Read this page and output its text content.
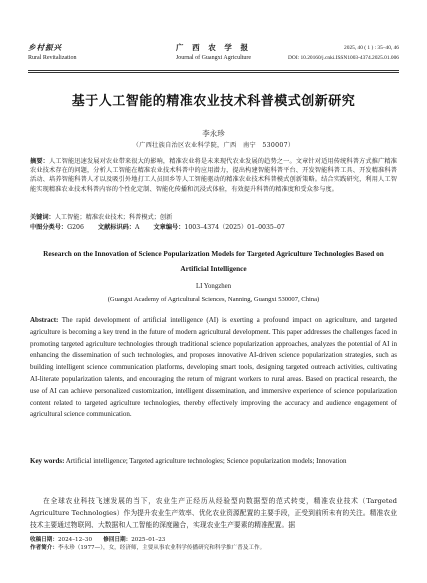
乡村振兴
Rural Revitalization
广 西 农 学 报
Journal of Guangxi Agriculture
2025, 40 ( 1 ) : 35–40, 46
DOI: 10.20160/j.cnki.ISSN1003-4374.2025.01.006
基于人工智能的精准农业技术科普模式创新研究
李永珍
（广西壮族自治区农业科学院，广西　南宁　530007）
摘要：人工智能迅速发展对农业带来很大的影响，精准农业将是未来现代农业发展的趋势之一。文章针对适用传统科普方式推广精准农业技术存在的问题，分析人工智能在精准农业技术科普中的应用潜力，提出构建智能科普平台、开发智能科普工具、开发精准科普活动、培养智能科普人才以及吸引外地打工人员回乡等人工智能驱动的精准农业技术科普模式创新策略。结合实践研究，利用人工智能实现精准农业技术科普内容的个性化定制、智能化传播和沉浸式体验，有效提升科普的精准度和受众参与度。
关键词：人工智能；精准农业技术；科普模式；创新
中图分类号：G206 文献标识码：A 文章编号：1003–4374（2025）01–0035–07
Research on the Innovation of Science Popularization Models for Targeted Agriculture Technologies Based on Artificial Intelligence
LI Yongzhen
(Guangxi Academy of Agricultural Sciences, Nanning, Guangxi 530007, China)
Abstract: The rapid development of artificial intelligence (AI) is exerting a profound impact on agriculture, and targeted agriculture is becoming a key trend in the future of modern agricultural development. This paper addresses the challenges faced in promoting targeted agriculture technologies through traditional science popularization approaches, analyzes the potential of AI in enhancing the dissemination of such technologies, and proposes innovative AI-driven science popularization strategies, such as building intelligent science communication platforms, developing smart tools, designing targeted outreach activities, cultivating AI-literate popularization talents, and encouraging the return of migrant workers to rural areas. Based on practical research, the use of AI can achieve personalized customization, intelligent dissemination, and immersive experience of science popularization content related to targeted agriculture technologies, thereby effectively improving the accuracy and audience engagement of agricultural science communication.
Key words: Artificial intelligence; Targeted agriculture technologies; Science popularization models; Innovation
在全球农业科技飞速发展的当下，农业生产正经历从经验型向数据型的范式转变，精准农业技术（Targeted Agriculture Technologies）作为提升农业生产效率、优化农业资源配置的主要手段，正受到前所未有的关注。精准农业技术主要通过物联网、大数据和人工智能的深度融合，实现农业生产要素的精准配置。据
收稿日期：2024–12–30　　 修回日期：2025–01–23
作者简介：李永珍（1977—），女，经济师，主要从事农业科学传播研究和科学推广普及工作。
